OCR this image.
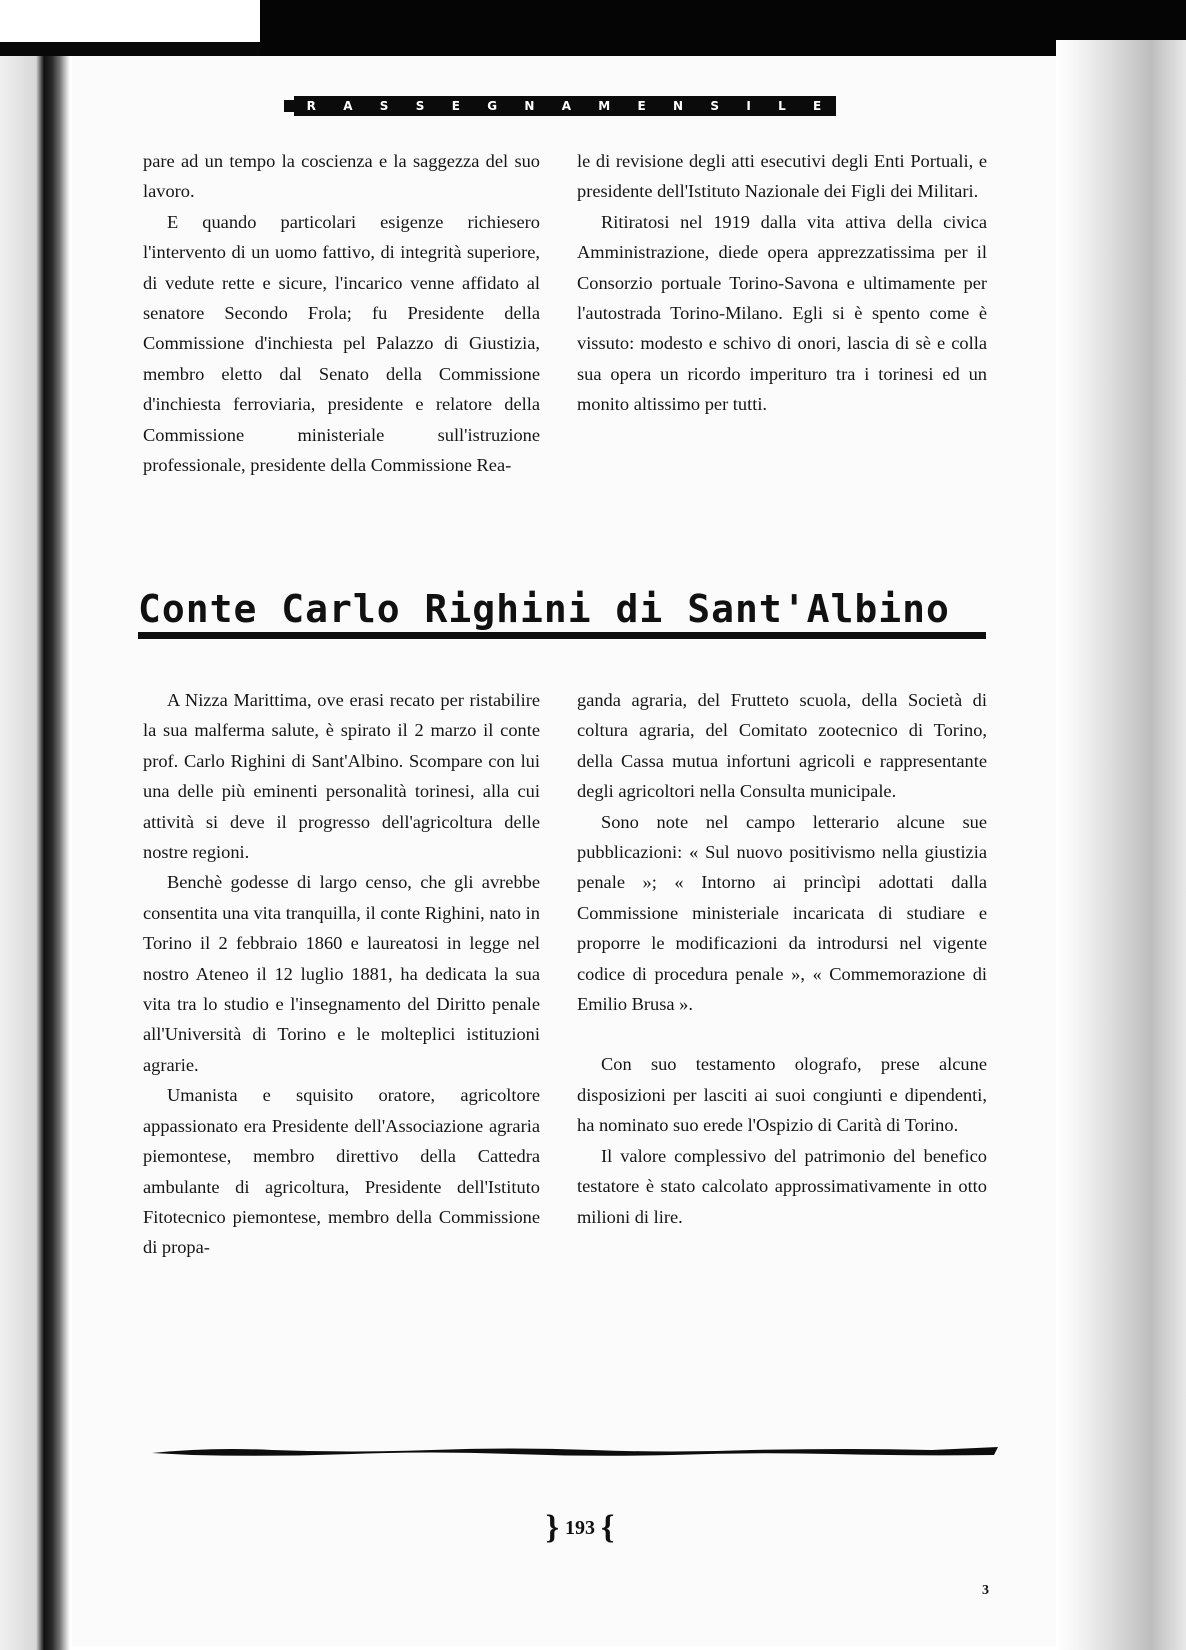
R A S S E G N A M E N S I L E

pare ad un tempo la coscienza e la saggezza del suo lavoro.

E quando particolari esigenze richiesero l'intervento di un uomo fattivo, di integrità superiore, di vedute rette e sicure, l'incarico venne affidato al senatore Secondo Frola; fu Presidente della Commissione d'inchiesta pel Palazzo di Giustizia, membro eletto dal Senato della Commissione d'inchiesta ferroviaria, presidente e relatore della Commissione ministeriale sull'istruzione professionale, presidente della Commissione Rea-

le di revisione degli atti esecutivi degli Enti Portuali, e presidente dell'Istituto Nazionale dei Figli dei Militari.

Ritiratosi nel 1919 dalla vita attiva della civica Amministrazione, diede opera apprezzatissima per il Consorzio portuale Torino-Savona e ultimamente per l'autostrada Torino-Milano. Egli si è spento come è vissuto: modesto e schivo di onori, lascia di sè e colla sua opera un ricordo imperituro tra i torinesi ed un monito altissimo per tutti.

Conte Carlo Righini di Sant'Albino

A Nizza Marittima, ove erasi recato per ristabilire la sua malferma salute, è spirato il 2 marzo il conte prof. Carlo Righini di Sant'Albino. Scompare con lui una delle più eminenti personalità torinesi, alla cui attività si deve il progresso dell'agricoltura delle nostre regioni.

Benchè godesse di largo censo, che gli avrebbe consentita una vita tranquilla, il conte Righini, nato in Torino il 2 febbraio 1860 e laureatosi in legge nel nostro Ateneo il 12 luglio 1881, ha dedicata la sua vita tra lo studio e l'insegnamento del Diritto penale all'Università di Torino e le molteplici istituzioni agrarie.

Umanista e squisito oratore, agricoltore appassionato era Presidente dell'Associazione agraria piemontese, membro direttivo della Cattedra ambulante di agricoltura, Presidente dell'Istituto Fitotecnico piemontese, membro della Commissione di propa-

ganda agraria, del Frutteto scuola, della Società di coltura agraria, del Comitato zootecnico di Torino, della Cassa mutua infortuni agricoli e rappresentante degli agricoltori nella Consulta municipale.

Sono note nel campo letterario alcune sue pubblicazioni: « Sul nuovo positivismo nella giustizia penale »; « Intorno ai princìpi adottati dalla Commissione ministeriale incaricata di studiare e proporre le modificazioni da introdursi nel vigente codice di procedura penale », « Commemorazione di Emilio Brusa ».

Con suo testamento olografo, prese alcune disposizioni per lasciti ai suoi congiunti e dipendenti, ha nominato suo erede l'Ospizio di Carità di Torino.

Il valore complessivo del patrimonio del benefico testatore è stato calcolato approssimativamente in otto milioni di lire.

} 193 {
3
